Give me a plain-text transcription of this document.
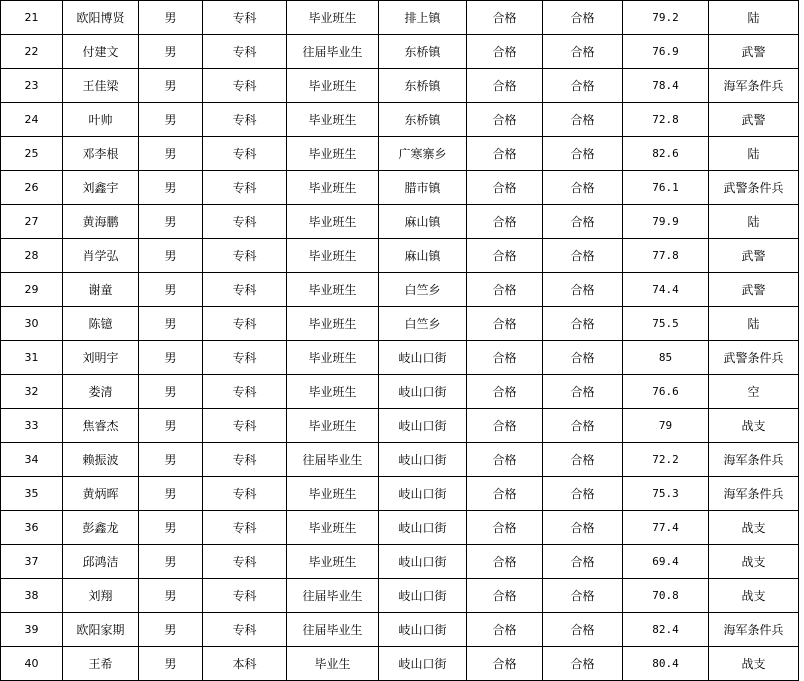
21	欧阳博贤	男	专科	毕业班生	排上镇	合格	合格	79.2	陆
22	付建文	男	专科	往届毕业生	东桥镇	合格	合格	76.9	武警
23	王佳梁	男	专科	毕业班生	东桥镇	合格	合格	78.4	海军条件兵
24	叶帅	男	专科	毕业班生	东桥镇	合格	合格	72.8	武警
25	邓李根	男	专科	毕业班生	广寒寨乡	合格	合格	82.6	陆
26	刘鑫宇	男	专科	毕业班生	腊市镇	合格	合格	76.1	武警条件兵
27	黄海鹏	男	专科	毕业班生	麻山镇	合格	合格	79.9	陆
28	肖学弘	男	专科	毕业班生	麻山镇	合格	合格	77.8	武警
29	谢童	男	专科	毕业班生	白竺乡	合格	合格	74.4	武警
30	陈镱	男	专科	毕业班生	白竺乡	合格	合格	75.5	陆
31	刘明宇	男	专科	毕业班生	岐山口街	合格	合格	85	武警条件兵
32	娄清	男	专科	毕业班生	岐山口街	合格	合格	76.6	空
33	焦睿杰	男	专科	毕业班生	岐山口街	合格	合格	79	战支
34	赖振波	男	专科	往届毕业生	岐山口街	合格	合格	72.2	海军条件兵
35	黄炳晖	男	专科	毕业班生	岐山口街	合格	合格	75.3	海军条件兵
36	彭鑫龙	男	专科	毕业班生	岐山口街	合格	合格	77.4	战支
37	邱鸿洁	男	专科	毕业班生	岐山口街	合格	合格	69.4	战支
38	刘翔	男	专科	往届毕业生	岐山口街	合格	合格	70.8	战支
39	欧阳家期	男	专科	往届毕业生	岐山口街	合格	合格	82.4	海军条件兵
40	王希	男	本科	毕业生	岐山口街	合格	合格	80.4	战支
